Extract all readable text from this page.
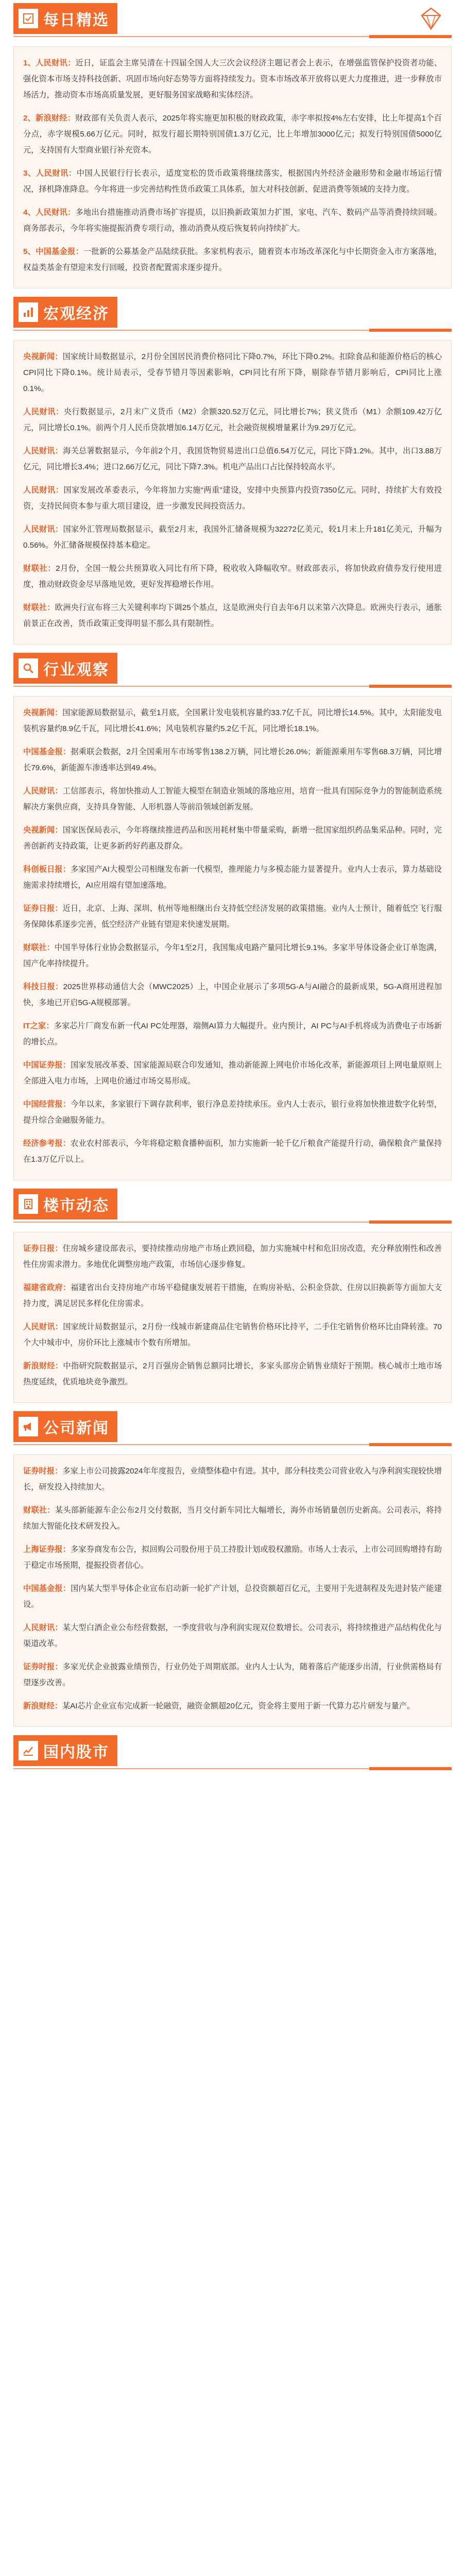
每日精选

1、人民财讯：近日，证监会主席吴清在十四届全国人大三次会议经济主题记者会上表示，在增强监管保护投资者功能、强化资本市场支持科技创新、巩固市场向好态势等方面将持续发力。资本市场改革开放将以更大力度推进，进一步释放市场活力，推动资本市场高质量发展，更好服务国家战略和实体经济。

2、新浪财经：财政部有关负责人表示，2025年将实施更加积极的财政政策，赤字率拟按4%左右安排，比上年提高1个百分点，赤字规模5.66万亿元。同时，拟发行超长期特别国债1.3万亿元，比上年增加3000亿元；拟发行特别国债5000亿元，支持国有大型商业银行补充资本。

3、人民财讯：中国人民银行行长表示，适度宽松的货币政策将继续落实，根据国内外经济金融形势和金融市场运行情况，择机降准降息。今年将进一步完善结构性货币政策工具体系，加大对科技创新、促进消费等领域的支持力度。

4、人民财讯：多地出台措施推动消费市场扩容提质，以旧换新政策加力扩围，家电、汽车、数码产品等消费持续回暖。商务部表示，今年将实施提振消费专项行动，推动消费从疫后恢复转向持续扩大。

5、中国基金报：一批新的公募基金产品陆续获批。多家机构表示，随着资本市场改革深化与中长期资金入市方案落地，权益类基金有望迎来发行回暖，投资者配置需求逐步提升。

宏观经济

央视新闻：国家统计局数据显示，2月份全国居民消费价格同比下降0.7%，环比下降0.2%。扣除食品和能源价格后的核心CPI同比下降0.1%。统计局表示，受春节错月等因素影响，CPI同比有所下降，剔除春节错月影响后，CPI同比上涨0.1%。

人民财讯：央行数据显示，2月末广义货币（M2）余额320.52万亿元，同比增长7%；狭义货币（M1）余额109.42万亿元，同比增长0.1%。前两个月人民币贷款增加6.14万亿元，社会融资规模增量累计为9.29万亿元。

人民财讯：海关总署数据显示，今年前2个月，我国货物贸易进出口总值6.54万亿元，同比下降1.2%。其中，出口3.88万亿元，同比增长3.4%；进口2.66万亿元，同比下降7.3%。机电产品出口占比保持较高水平。

人民财讯：国家发展改革委表示，今年将加力实施“两重”建设，安排中央预算内投资7350亿元。同时，持续扩大有效投资，支持民间资本参与重大项目建设，进一步激发民间投资活力。

人民财讯：国家外汇管理局数据显示，截至2月末，我国外汇储备规模为32272亿美元，较1月末上升181亿美元，升幅为0.56%。外汇储备规模保持基本稳定。

财联社：2月份，全国一般公共预算收入同比有所下降，税收收入降幅收窄。财政部表示，将加快政府债券发行使用进度，推动财政资金尽早落地见效，更好发挥稳增长作用。

财联社：欧洲央行宣布将三大关键利率均下调25个基点，这是欧洲央行自去年6月以来第六次降息。欧洲央行表示，通胀前景正在改善，货币政策正变得明显不那么具有限制性。

行业观察

央视新闻：国家能源局数据显示，截至1月底，全国累计发电装机容量约33.7亿千瓦，同比增长14.5%。其中，太阳能发电装机容量约8.9亿千瓦，同比增长41.6%；风电装机容量约5.2亿千瓦，同比增长18.1%。

中国基金报：据乘联会数据，2月全国乘用车市场零售138.2万辆，同比增长26.0%；新能源乘用车零售68.3万辆，同比增长79.6%，新能源车渗透率达到49.4%。

人民财讯：工信部表示，将加快推动人工智能大模型在制造业领域的落地应用，培育一批具有国际竞争力的智能制造系统解决方案供应商，支持具身智能、人形机器人等前沿领域创新发展。

央视新闻：国家医保局表示，今年将继续推进药品和医用耗材集中带量采购，新增一批国家组织药品集采品种。同时，完善创新药支持政策，让更多新药好药惠及群众。

科创板日报：多家国产AI大模型公司相继发布新一代模型，推理能力与多模态能力显著提升。业内人士表示，算力基础设施需求持续增长，AI应用端有望加速落地。

证券日报：近日，北京、上海、深圳、杭州等地相继出台支持低空经济发展的政策措施。业内人士预计，随着低空飞行服务保障体系逐步完善，低空经济产业链有望迎来快速发展期。

财联社：中国半导体行业协会数据显示，今年1至2月，我国集成电路产量同比增长9.1%。多家半导体设备企业订单饱满，国产化率持续提升。

科技日报：2025世界移动通信大会（MWC2025）上，中国企业展示了多项5G-A与AI融合的最新成果，5G-A商用进程加快，多地已开启5G-A规模部署。

IT之家：多家芯片厂商发布新一代AI PC处理器，端侧AI算力大幅提升。业内预计，AI PC与AI手机将成为消费电子市场新的增长点。

中国证券报：国家发展改革委、国家能源局联合印发通知，推动新能源上网电价市场化改革，新能源项目上网电量原则上全部进入电力市场，上网电价通过市场交易形成。

中国经营报：今年以来，多家银行下调存款利率，银行净息差持续承压。业内人士表示，银行业将加快推进数字化转型，提升综合金融服务能力。

经济参考报：农业农村部表示，今年将稳定粮食播种面积，加力实施新一轮千亿斤粮食产能提升行动，确保粮食产量保持在1.3万亿斤以上。

楼市动态

证券日报：住房城乡建设部表示，要持续推动房地产市场止跌回稳，加力实施城中村和危旧房改造，充分释放刚性和改善性住房需求潜力。多地优化调整房地产政策，市场信心逐步修复。

福建省政府：福建省出台支持房地产市场平稳健康发展若干措施，在购房补贴、公积金贷款、住房以旧换新等方面加大支持力度，满足居民多样化住房需求。

人民财讯：国家统计局数据显示，2月份一线城市新建商品住宅销售价格环比持平，二手住宅销售价格环比由降转涨。70个大中城市中，房价环比上涨城市个数有所增加。

新浪财经：中指研究院数据显示，2月百强房企销售总额同比增长，多家头部房企销售业绩好于预期。核心城市土地市场热度延续，优质地块竞争激烈。

公司新闻

证券时报：多家上市公司披露2024年年度报告，业绩整体稳中有进。其中，部分科技类公司营业收入与净利润实现较快增长，研发投入持续加大。

财联社：某头部新能源车企公布2月交付数据，当月交付新车同比大幅增长，海外市场销量创历史新高。公司表示，将持续加大智能化技术研发投入。

上海证券报：多家券商发布公告，拟回购公司股份用于员工持股计划或股权激励。市场人士表示，上市公司回购增持有助于稳定市场预期，提振投资者信心。

中国基金报：国内某大型半导体企业宣布启动新一轮扩产计划，总投资额超百亿元，主要用于先进制程及先进封装产能建设。

人民财讯：某大型白酒企业公布经营数据，一季度营收与净利润实现双位数增长。公司表示，将持续推进产品结构优化与渠道改革。

证券时报：多家光伏企业披露业绩预告，行业仍处于周期底部。业内人士认为，随着落后产能逐步出清，行业供需格局有望逐步改善。

新浪财经：某AI芯片企业宣布完成新一轮融资，融资金额超20亿元，资金将主要用于新一代算力芯片研发与量产。

国内股市
